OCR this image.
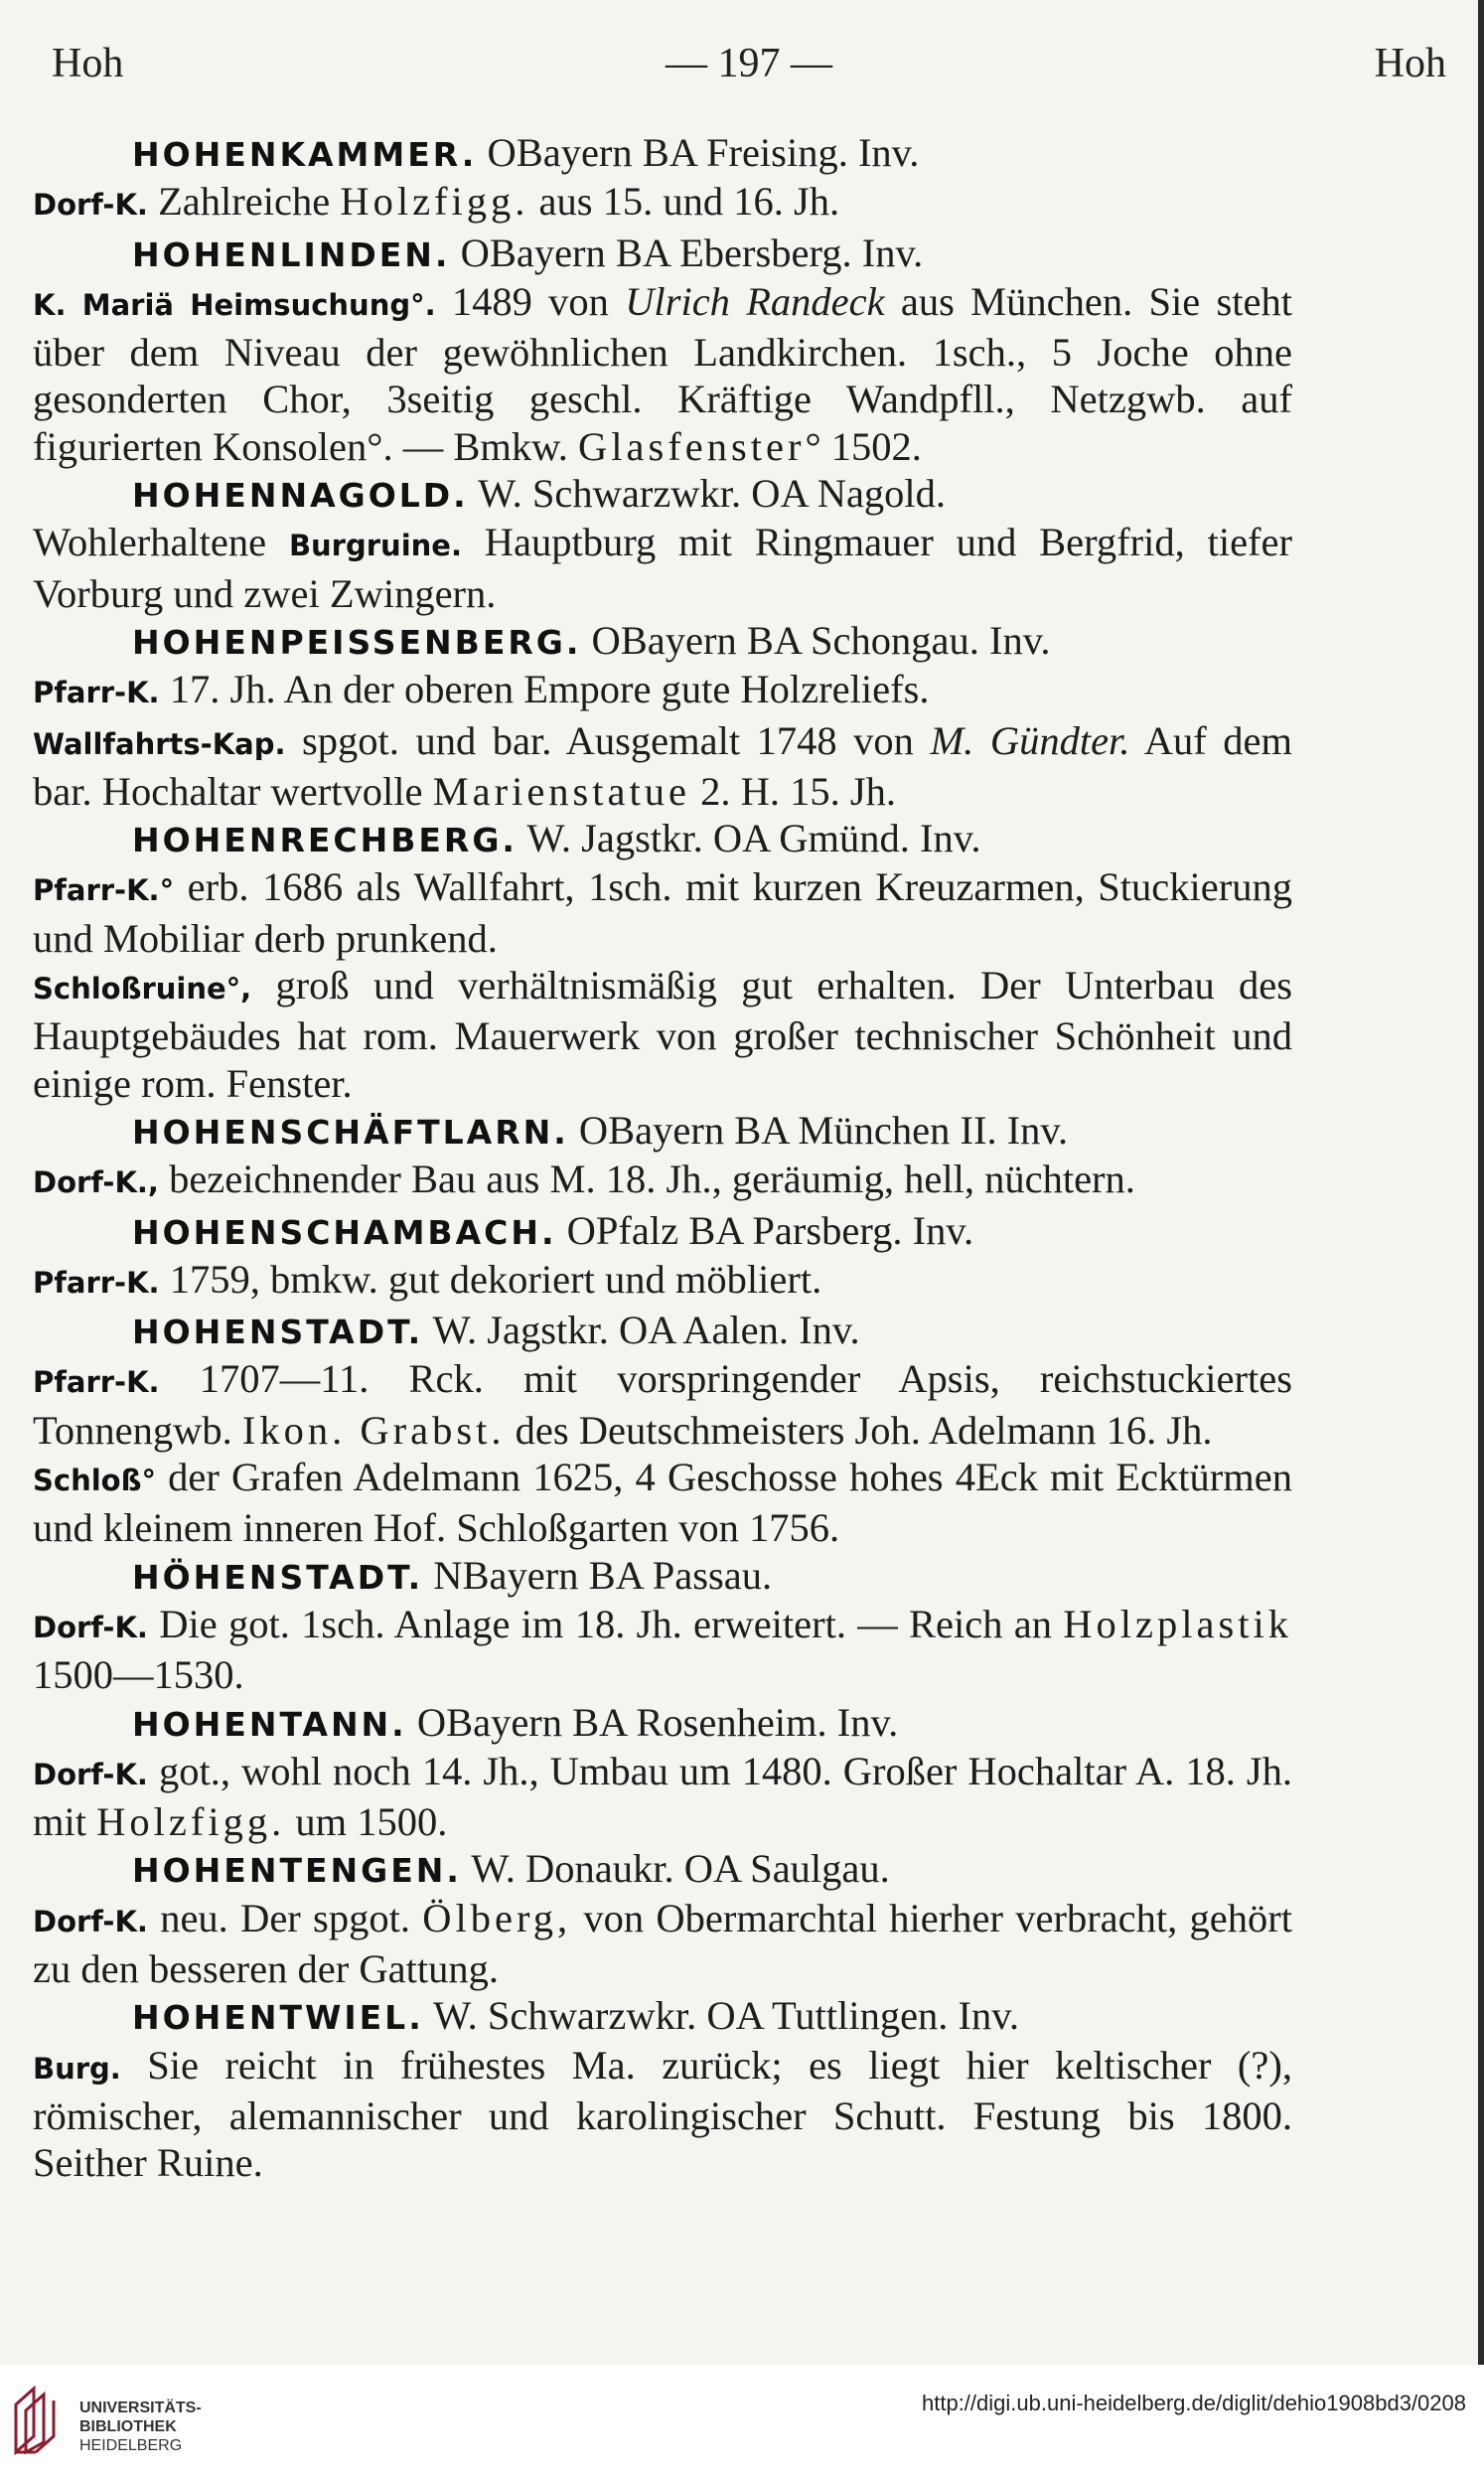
Hoh	— 197 —	Hoh

HOHENKAMMER. OBayern BA Freising. Inv.

Dorf-K. Zahlreiche Holzfigg. aus 15. und 16. Jh.

HOHENLINDEN. OBayern BA Ebersberg. Inv.

K. Mariä Heimsuchung°. 1489 von Ulrich Randeck aus München. Sie steht über dem Niveau der gewöhnlichen Landkirchen. 1sch., 5 Joche ohne gesonderten Chor, 3seitig geschl. Kräftige Wandpfll., Netzgwb. auf figurierten Konsolen°. — Bmkw. Glasfenster° 1502.

HOHENNAGOLD. W. Schwarzwkr. OA Nagold.

Wohlerhaltene Burgruine. Hauptburg mit Ringmauer und Bergfrid, tiefer Vorburg und zwei Zwingern.

HOHENPEISSENBERG. OBayern BA Schongau. Inv.

Pfarr-K. 17. Jh. An der oberen Empore gute Holzreliefs.

Wallfahrts-Kap. spgot. und bar. Ausgemalt 1748 von M. Gündter. Auf dem bar. Hochaltar wertvolle Marienstatue 2. H. 15. Jh.

HOHENRECHBERG. W. Jagstkr. OA Gmünd. Inv.

Pfarr-K.° erb. 1686 als Wallfahrt, 1sch. mit kurzen Kreuzarmen, Stuckierung und Mobiliar derb prunkend.

Schloßruine°, groß und verhältnismäßig gut erhalten. Der Unterbau des Hauptgebäudes hat rom. Mauerwerk von großer technischer Schönheit und einige rom. Fenster.

HOHENSCHÄFTLARN. OBayern BA München II. Inv.

Dorf-K., bezeichnender Bau aus M. 18. Jh., geräumig, hell, nüchtern.

HOHENSCHAMBACH. OPfalz BA Parsberg. Inv.

Pfarr-K. 1759, bmkw. gut dekoriert und möbliert.

HOHENSTADT. W. Jagstkr. OA Aalen. Inv.

Pfarr-K. 1707—11. Rck. mit vorspringender Apsis, reichstuckiertes Tonnengwb. Ikon. Grabst. des Deutschmeisters Joh. Adelmann 16. Jh.

Schloß° der Grafen Adelmann 1625, 4 Geschosse hohes 4Eck mit Ecktürmen und kleinem inneren Hof. Schloßgarten von 1756.

HÖHENSTADT. NBayern BA Passau.

Dorf-K. Die got. 1sch. Anlage im 18. Jh. erweitert. — Reich an Holzplastik 1500—1530.

HOHENTANN. OBayern BA Rosenheim. Inv.

Dorf-K. got., wohl noch 14. Jh., Umbau um 1480. Großer Hochaltar A. 18. Jh. mit Holzfigg. um 1500.

HOHENTENGEN. W. Donaukr. OA Saulgau.

Dorf-K. neu. Der spgot. Ölberg, von Obermarchtal hierher verbracht, gehört zu den besseren der Gattung.

HOHENTWIEL. W. Schwarzwkr. OA Tuttlingen. Inv.

Burg. Sie reicht in frühestes Ma. zurück; es liegt hier keltischer (?), römischer, alemannischer und karolingischer Schutt. Festung bis 1800. Seither Ruine.

UNIVERSITÄTS-
BIBLIOTHEK
HEIDELBERG
http://digi.ub.uni-heidelberg.de/diglit/dehio1908bd3/0208
